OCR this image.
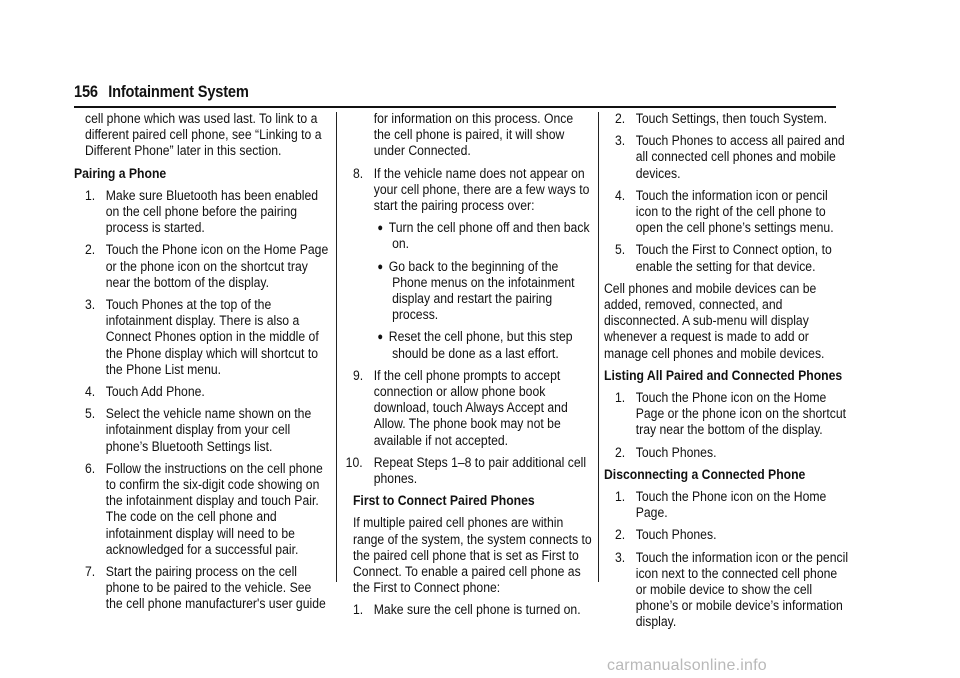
156 Infotainment System

cell phone which was used last. To link to a different paired cell phone, see “Linking to a Different Phone” later in this section.

Pairing a Phone

1. Make sure Bluetooth has been enabled on the cell phone before the pairing process is started.
2. Touch the Phone icon on the Home Page or the phone icon on the shortcut tray near the bottom of the display.
3. Touch Phones at the top of the infotainment display. There is also a Connect Phones option in the middle of the Phone display which will shortcut to the Phone List menu.
4. Touch Add Phone.
5. Select the vehicle name shown on the infotainment display from your cell phone’s Bluetooth Settings list.
6. Follow the instructions on the cell phone to confirm the six-digit code showing on the infotainment display and touch Pair. The code on the cell phone and infotainment display will need to be acknowledged for a successful pair.
7. Start the pairing process on the cell phone to be paired to the vehicle. See the cell phone manufacturer's user guide

for information on this process. Once the cell phone is paired, it will show under Connected.

8. If the vehicle name does not appear on your cell phone, there are a few ways to start the pairing process over:
● Turn the cell phone off and then back on.
● Go back to the beginning of the Phone menus on the infotainment display and restart the pairing process.
● Reset the cell phone, but this step should be done as a last effort.
9. If the cell phone prompts to accept connection or allow phone book download, touch Always Accept and Allow. The phone book may not be available if not accepted.
10. Repeat Steps 1–8 to pair additional cell phones.

First to Connect Paired Phones

If multiple paired cell phones are within range of the system, the system connects to the paired cell phone that is set as First to Connect. To enable a paired cell phone as the First to Connect phone:

1. Make sure the cell phone is turned on.
2. Touch Settings, then touch System.
3. Touch Phones to access all paired and all connected cell phones and mobile devices.
4. Touch the information icon or pencil icon to the right of the cell phone to open the cell phone’s settings menu.
5. Touch the First to Connect option, to enable the setting for that device.

Cell phones and mobile devices can be added, removed, connected, and disconnected. A sub-menu will display whenever a request is made to add or manage cell phones and mobile devices.

Listing All Paired and Connected Phones

1. Touch the Phone icon on the Home Page or the phone icon on the shortcut tray near the bottom of the display.
2. Touch Phones.

Disconnecting a Connected Phone

1. Touch the Phone icon on the Home Page.
2. Touch Phones.
3. Touch the information icon or the pencil icon next to the connected cell phone or mobile device to show the cell phone’s or mobile device’s information display.
carmanualsonline.info
